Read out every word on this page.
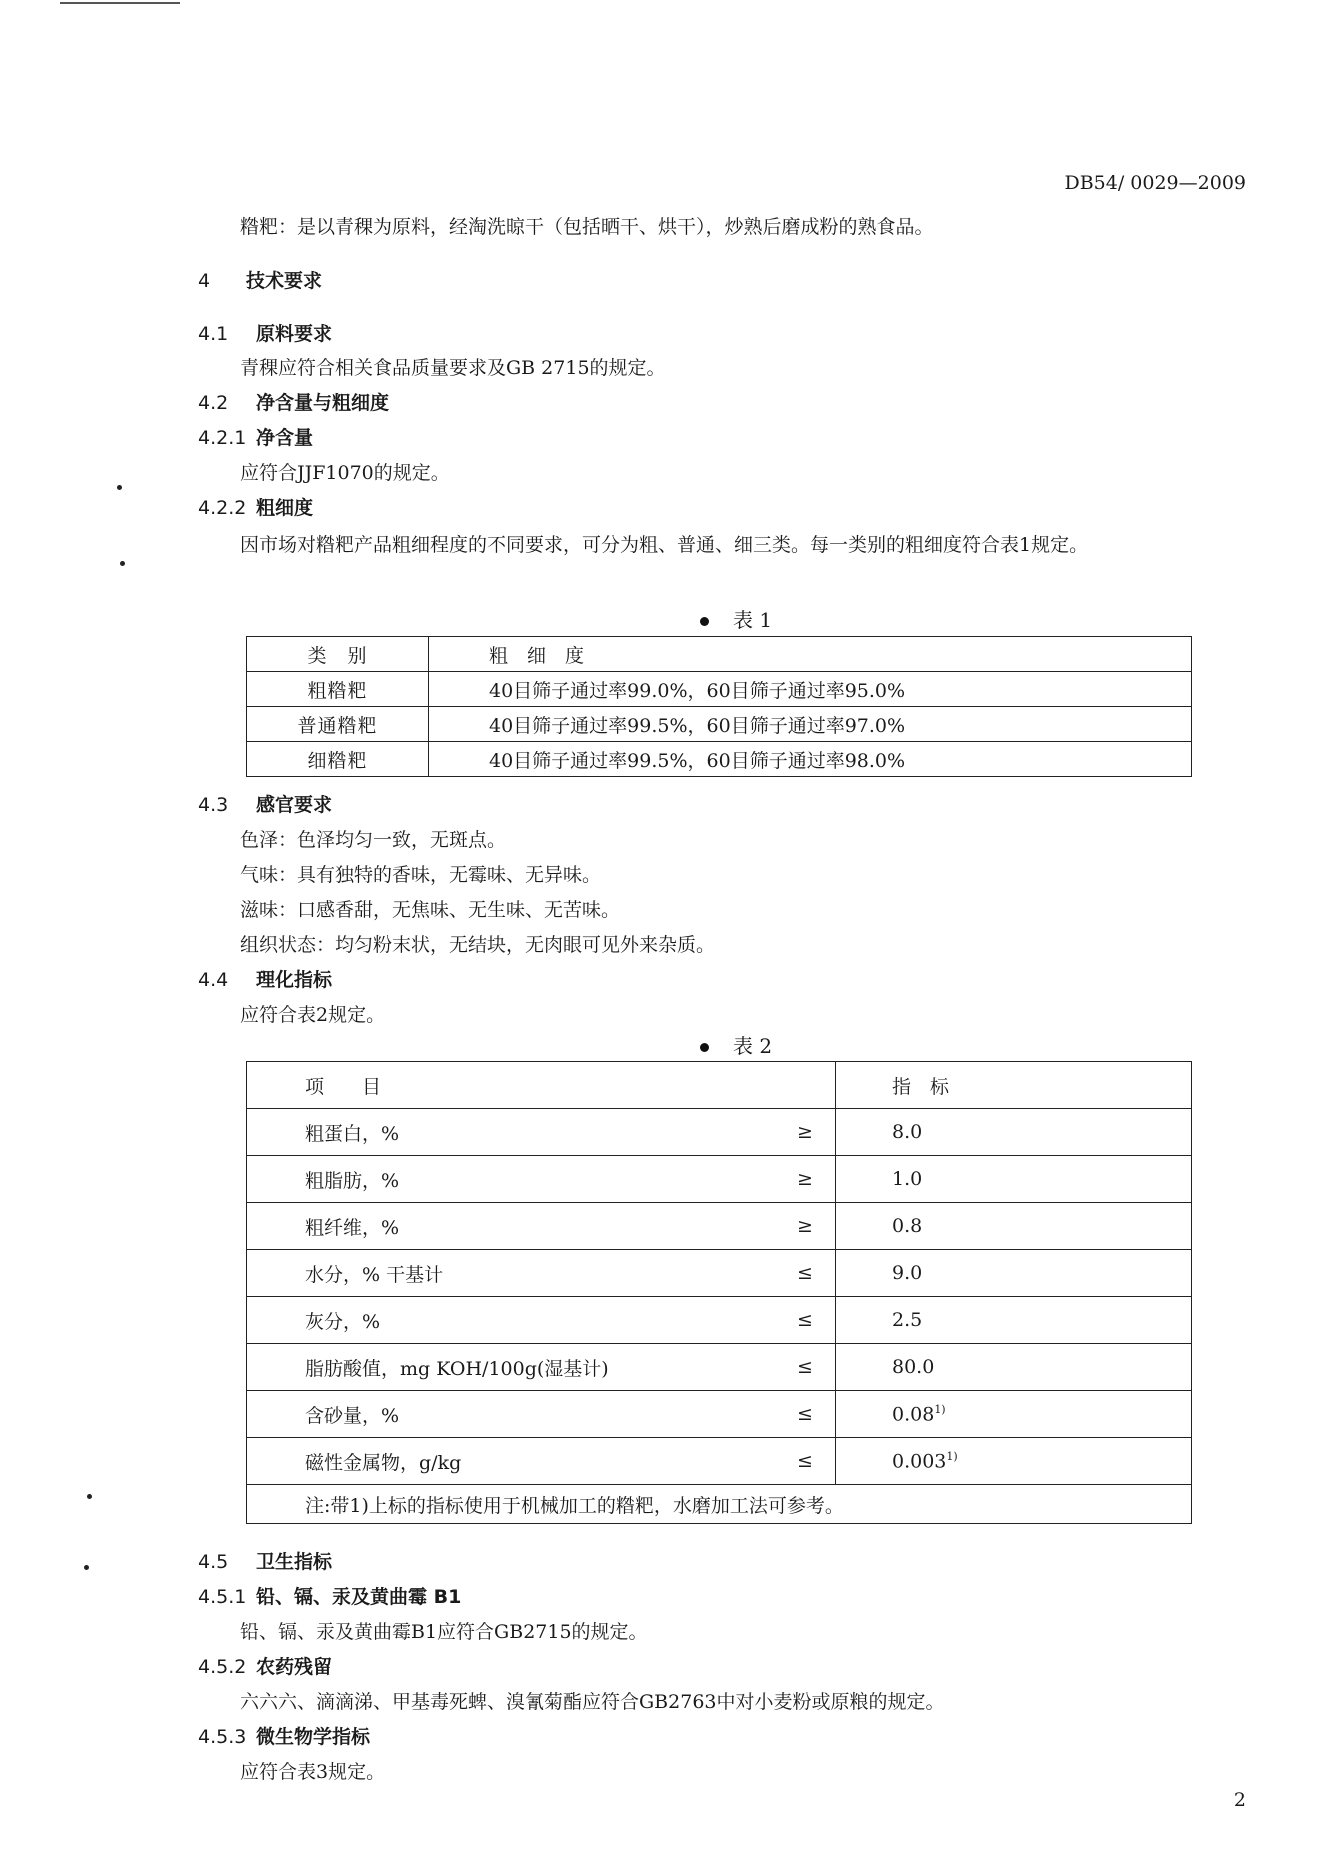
DB54/ 0029—2009
糌粑：是以青稞为原料，经淘洗晾干（包括晒干、烘干），炒熟后磨成粉的熟食品。
4 技术要求
4.1 原料要求
青稞应符合相关食品质量要求及GB 2715的规定。
4.2 净含量与粗细度
4.2.1 净含量
应符合JJF1070的规定。
4.2.2 粗细度
因市场对糌粑产品粗细程度的不同要求，可分为粗、普通、细三类。每一类别的粗细度符合表1规定。
表 1
类　别	粗　细　度
粗糌粑	40目筛子通过率99.0%，60目筛子通过率95.0%
普通糌粑	40目筛子通过率99.5%，60目筛子通过率97.0%
细糌粑	40目筛子通过率99.5%，60目筛子通过率98.0%
4.3 感官要求
色泽：色泽均匀一致，无斑点。
气味：具有独特的香味，无霉味、无异味。
滋味：口感香甜，无焦味、无生味、无苦味。
组织状态：均匀粉末状，无结块，无肉眼可见外来杂质。
4.4 理化指标
应符合表2规定。
表 2
项　　目		指　标
粗蛋白，%	≥	8.0
粗脂肪，%	≥	1.0
粗纤维，%	≥	0.8
水分，% 干基计	≤	9.0
灰分，%	≤	2.5
脂肪酸值，mg KOH/100g(湿基计)	≤	80.0
含砂量，%	≤	$0.08^{1)}$
磁性金属物，g/kg	≤	$0.003^{1)}$
注:带1)上标的指标使用于机械加工的糌粑，水磨加工法可参考。		
4.5 卫生指标
4.5.1 铅、镉、汞及黄曲霉 B1
铅、镉、汞及黄曲霉B1应符合GB2715的规定。
4.5.2 农药残留
六六六、滴滴涕、甲基毒死蜱、溴氰菊酯应符合GB2763中对小麦粉或原粮的规定。
4.5.3 微生物学指标
应符合表3规定。
2
